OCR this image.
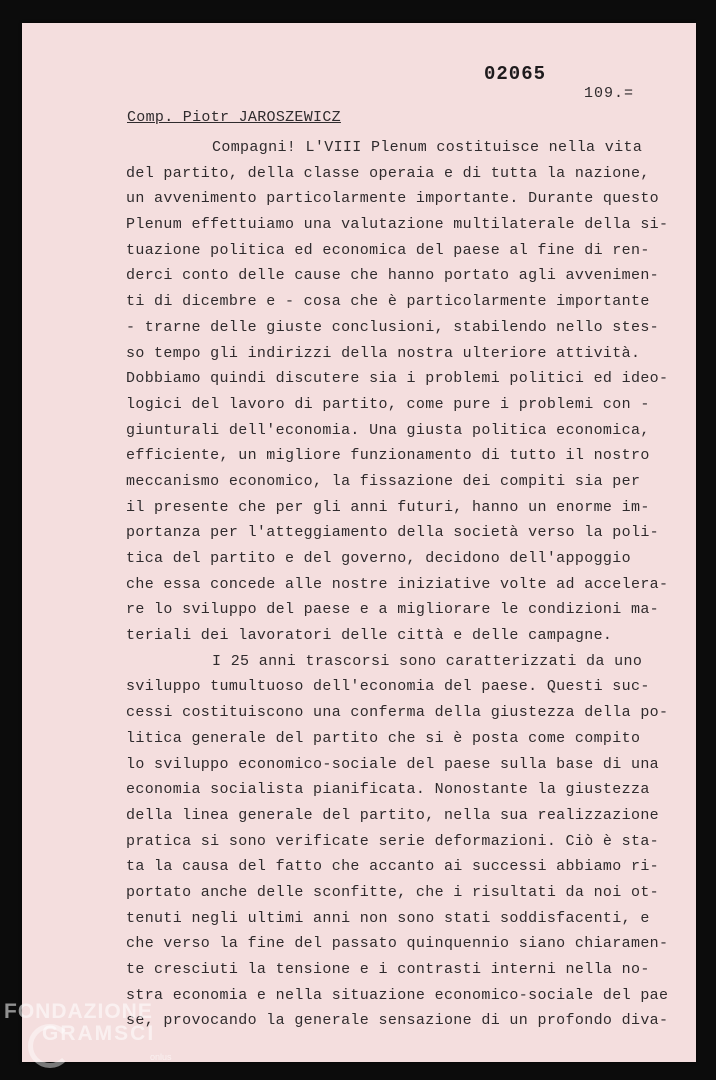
02065
109.=
Comp. Piotr JAROSZEWICZ
Compagni! L'VIII Plenum costituisce nella vita
del partito, della classe operaia e di tutta la nazione,
un avvenimento particolarmente importante. Durante questo
Plenum effettuiamo una valutazione multilaterale della si-
tuazione politica ed economica del paese al fine di ren-
derci conto delle cause che hanno portato agli avvenimen-
ti di dicembre e - cosa che è particolarmente importante
- trarne delle giuste conclusioni, stabilendo nello stes-
so tempo gli indirizzi della nostra ulteriore attività.
Dobbiamo quindi discutere sia i problemi politici ed ideo-
logici del lavoro di partito, come pure i problemi con -
giunturali dell'economia. Una giusta politica economica,
efficiente, un migliore funzionamento di tutto il nostro
meccanismo economico, la fissazione dei compiti sia per
il presente che per gli anni futuri, hanno un enorme im-
portanza per l'atteggiamento della società verso la poli-
tica del partito e del governo, decidono dell'appoggio
che essa concede alle nostre iniziative volte ad accelera-
re lo sviluppo del paese e a migliorare le condizioni ma-
teriali dei lavoratori delle città e delle campagne.
I 25 anni trascorsi sono caratterizzati da uno
sviluppo tumultuoso dell'economia del paese. Questi suc-
cessi costituiscono una conferma della giustezza della po-
litica generale del partito che si è posta come compito
lo sviluppo economico-sociale del paese sulla base di una
economia socialista pianificata. Nonostante la giustezza
della linea generale del partito, nella sua realizzazione
pratica si sono verificate serie deformazioni. Ciò è sta-
ta la causa del fatto che accanto ai successi abbiamo ri-
portato anche delle sconfitte, che i risultati da noi ot-
tenuti negli ultimi anni non sono stati soddisfacenti, e
che verso la fine del passato quinquennio siano chiaramen-
te cresciuti la tensione e i contrasti interni nella no-
stra economia e nella situazione economico-sociale del pae
se, provocando la generale sensazione di un profondo diva-
FONDAZIONE
GRAMSCI
onlus
